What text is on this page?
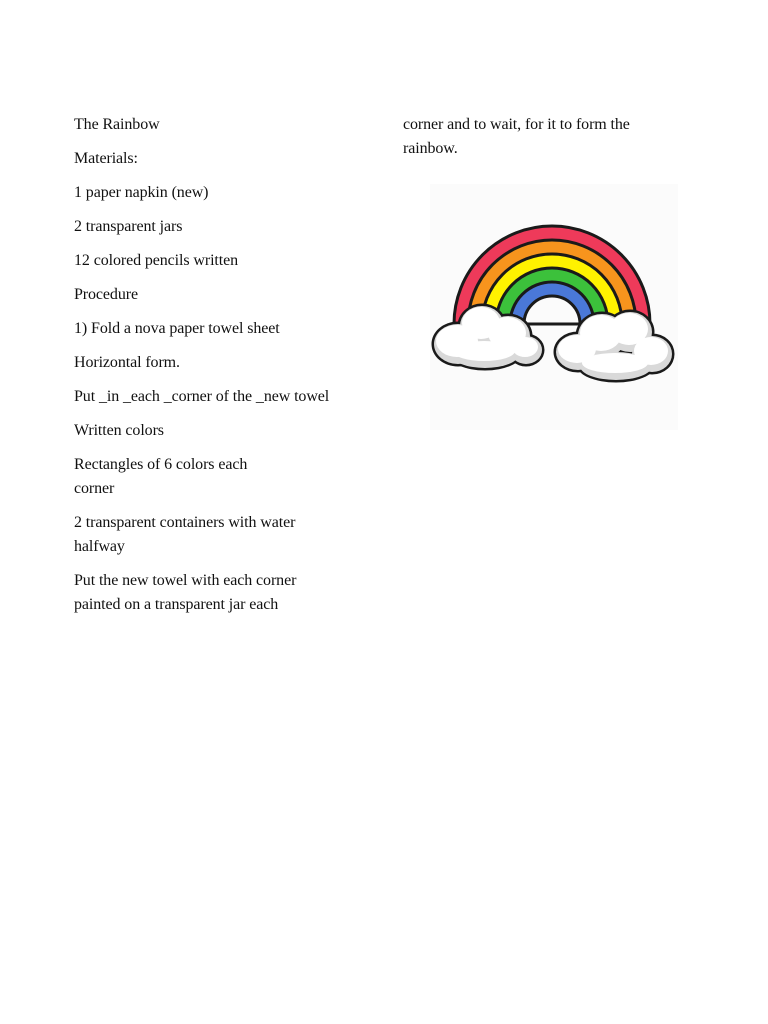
The Rainbow

Materials:

1 paper napkin (new)

2 transparent jars

12 colored pencils written

Procedure

1) Fold a nova paper towel sheet

Horizontal form.

Put _in _each _corner of the _new towel

Written colors

Rectangles of 6 colors each
corner

2 transparent containers with water
halfway

Put the new towel with each corner
painted on a transparent jar each

corner and to wait, for it to form the
rainbow.
